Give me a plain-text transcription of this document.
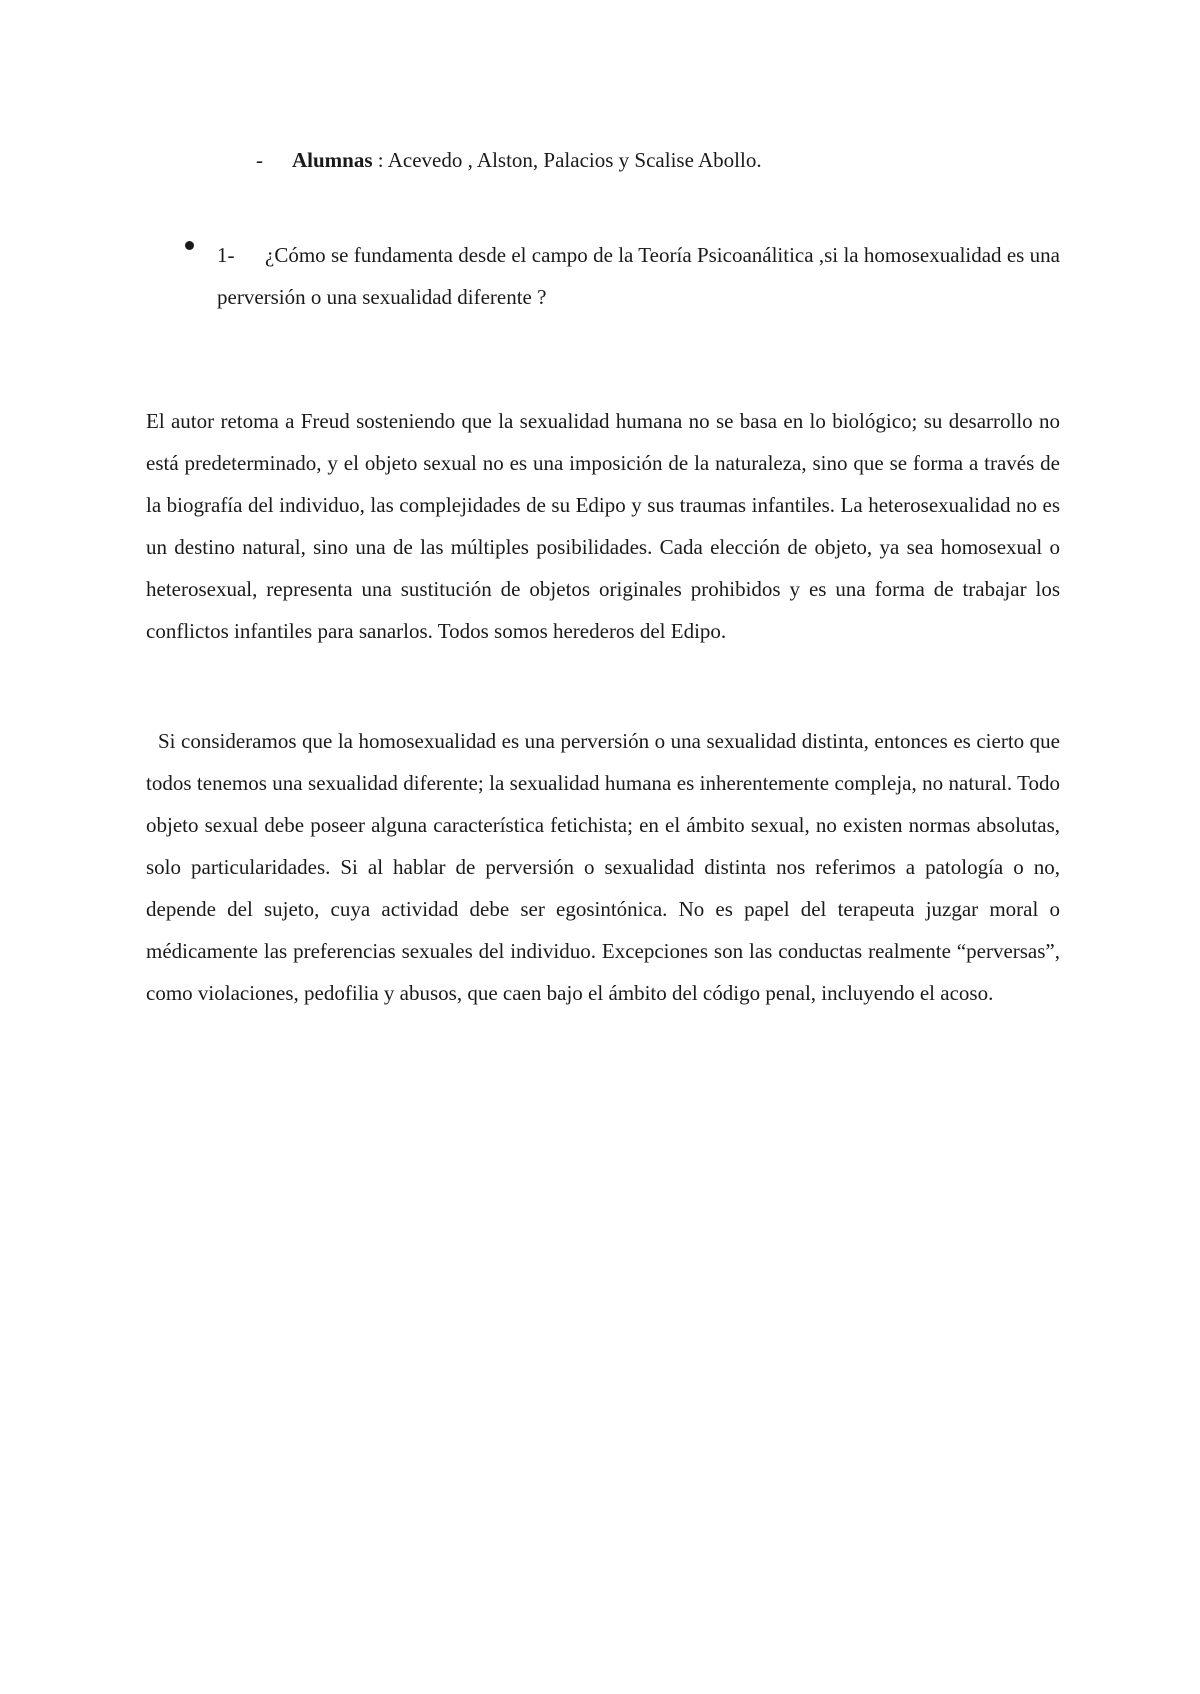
- Alumnas : Acevedo , Alston, Palacios y Scalise Abollo.
1- ¿Cómo se fundamenta desde el campo de la Teoría Psicoanálitica ,si la homosexualidad es una perversión o una sexualidad diferente ?

El autor retoma a Freud sosteniendo que la sexualidad humana no se basa en lo biológico; su desarrollo no está predeterminado, y el objeto sexual no es una imposición de la naturaleza, sino que se forma a través de la biografía del individuo, las complejidades de su Edipo y sus traumas infantiles. La heterosexualidad no es un destino natural, sino una de las múltiples posibilidades. Cada elección de objeto, ya sea homosexual o heterosexual, representa una sustitución de objetos originales prohibidos y es una forma de trabajar los conflictos infantiles para sanarlos. Todos somos herederos del Edipo.

Si consideramos que la homosexualidad es una perversión o una sexualidad distinta, entonces es cierto que todos tenemos una sexualidad diferente; la sexualidad humana es inherentemente compleja, no natural. Todo objeto sexual debe poseer alguna característica fetichista; en el ámbito sexual, no existen normas absolutas, solo particularidades. Si al hablar de perversión o sexualidad distinta nos referimos a patología o no, depende del sujeto, cuya actividad debe ser egosintónica. No es papel del terapeuta juzgar moral o médicamente las preferencias sexuales del individuo. Excepciones son las conductas realmente “perversas”, como violaciones, pedofilia y abusos, que caen bajo el ámbito del código penal, incluyendo el acoso.
